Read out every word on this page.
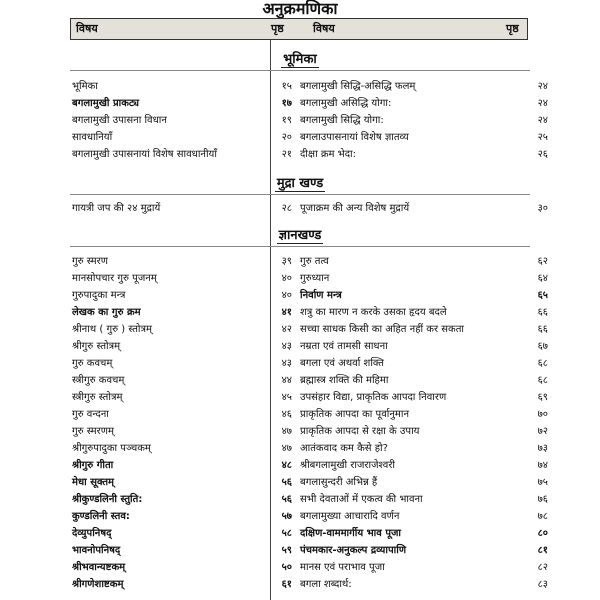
अनुक्रमणिका
विषय	पृष्ठ	विषय	पृष्ठ
भूमिका
भूमिका	१५ बगलामुखी सिद्धि-असिद्धि फलम्	२४
बगलामुखी प्राकट्य	१७ बगलामुखी असिद्धि योगा:	२४
बगलामुखी उपासना विधान	१९ बगलामुखी सिद्धि योगा:	२४
सावधानियाँ	२० बगलाउपासनायां विशेष ज्ञातव्य	२५
बगलामुखी उपासनायां विशेष सावधानीयाँ	२१ दीक्षा क्रम भेदा:	२६
मुद्रा खण्ड
गायत्री जप की २४ मुद्रायें	२८ पूजाक्रम की अन्य विशेष मुद्रायें	३०
ज्ञानखण्ड
गुरु स्मरण	३९ गुरु तत्व	६२
मानसोपचार गुरु पूजनम्	४० गुरुध्यान	६४
गुरुपादुका मन्त्र	४० निर्वाण मन्त्र	६५
लेखक का गुरु क्रम	४१ शत्रु का मारण न करके उसका हृदय बदले	६६
श्रीनाथ ( गुरु ) स्तोत्रम्	४२ सच्चा साधक किसी का अहित नहीं कर सकता	६६
श्रीगुरु स्तोत्रम्	४३ नम्रता एवं तामसी साधना	६७
गुरु कवचम्	४३ बगला एवं अथर्वा शक्ति	६८
स्त्रीगुरु कवचम्	४४ ब्रह्मास्त्र शक्ति की महिमा	६८
स्त्रीगुरु स्तोत्रम्	४५ उपसंहार विद्या, प्राकृतिक आपदा निवारण	६९
गुरु वन्दना	४६ प्राकृतिक आपदा का पूर्वानुमान	७०
गुरु स्मरणम्	४७ प्राकृतिक आपदा से रक्षा के उपाय	७२
श्रीगुरुपादुका पञ्चकम्	४७ आतंकवाद कम कैसे हो?	७३
श्रीगुरु गीता	४८ श्रीबगलामुखी राजराजेश्वरी	७४
मेधा सूक्तम्	५६ बगलासुन्दरी अभिन्न हैं	७५
श्रीकुण्डलिनी स्तुति:	५६ सभी देवताओं में एकत्व की भावना	७६
कुण्डलिनी स्तव:	५७ बगलामुख्या आचारादि वर्णन	७८
देव्युपनिषद्	५८ दक्षिण-वाममार्गीय भाव पूजा	८०
भावनोपनिषद्	५९ पंचमकार-अनुकल्प द्रव्यापाणि	८१
श्रीभवान्यष्टकम्	५० मानस एवं पराभाव पूजा	८२
श्रीगणेशाष्टकम्	६१ बगला शब्दार्थ:	८३
